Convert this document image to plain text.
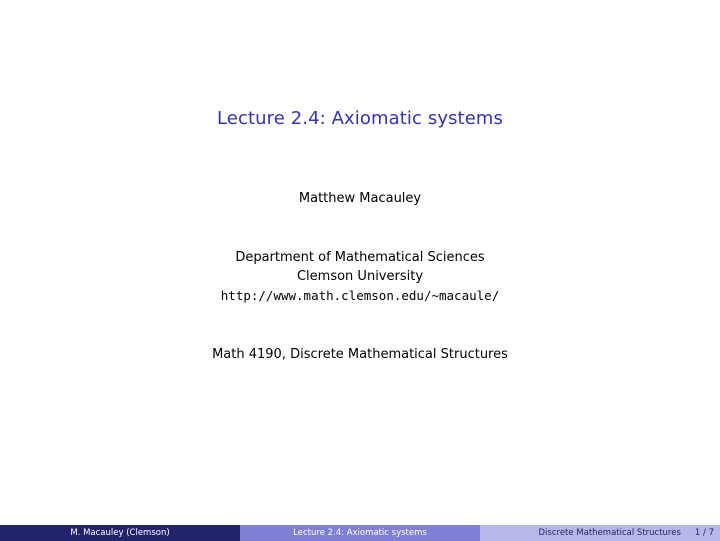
Lecture 2.4: Axiomatic systems
Matthew Macauley
Department of Mathematical Sciences
Clemson University
http://www.math.clemson.edu/~macaule/
Math 4190, Discrete Mathematical Structures
M. Macauley (Clemson)	Lecture 2.4: Axiomatic systems	Discrete Mathematical Structures 1 / 7
